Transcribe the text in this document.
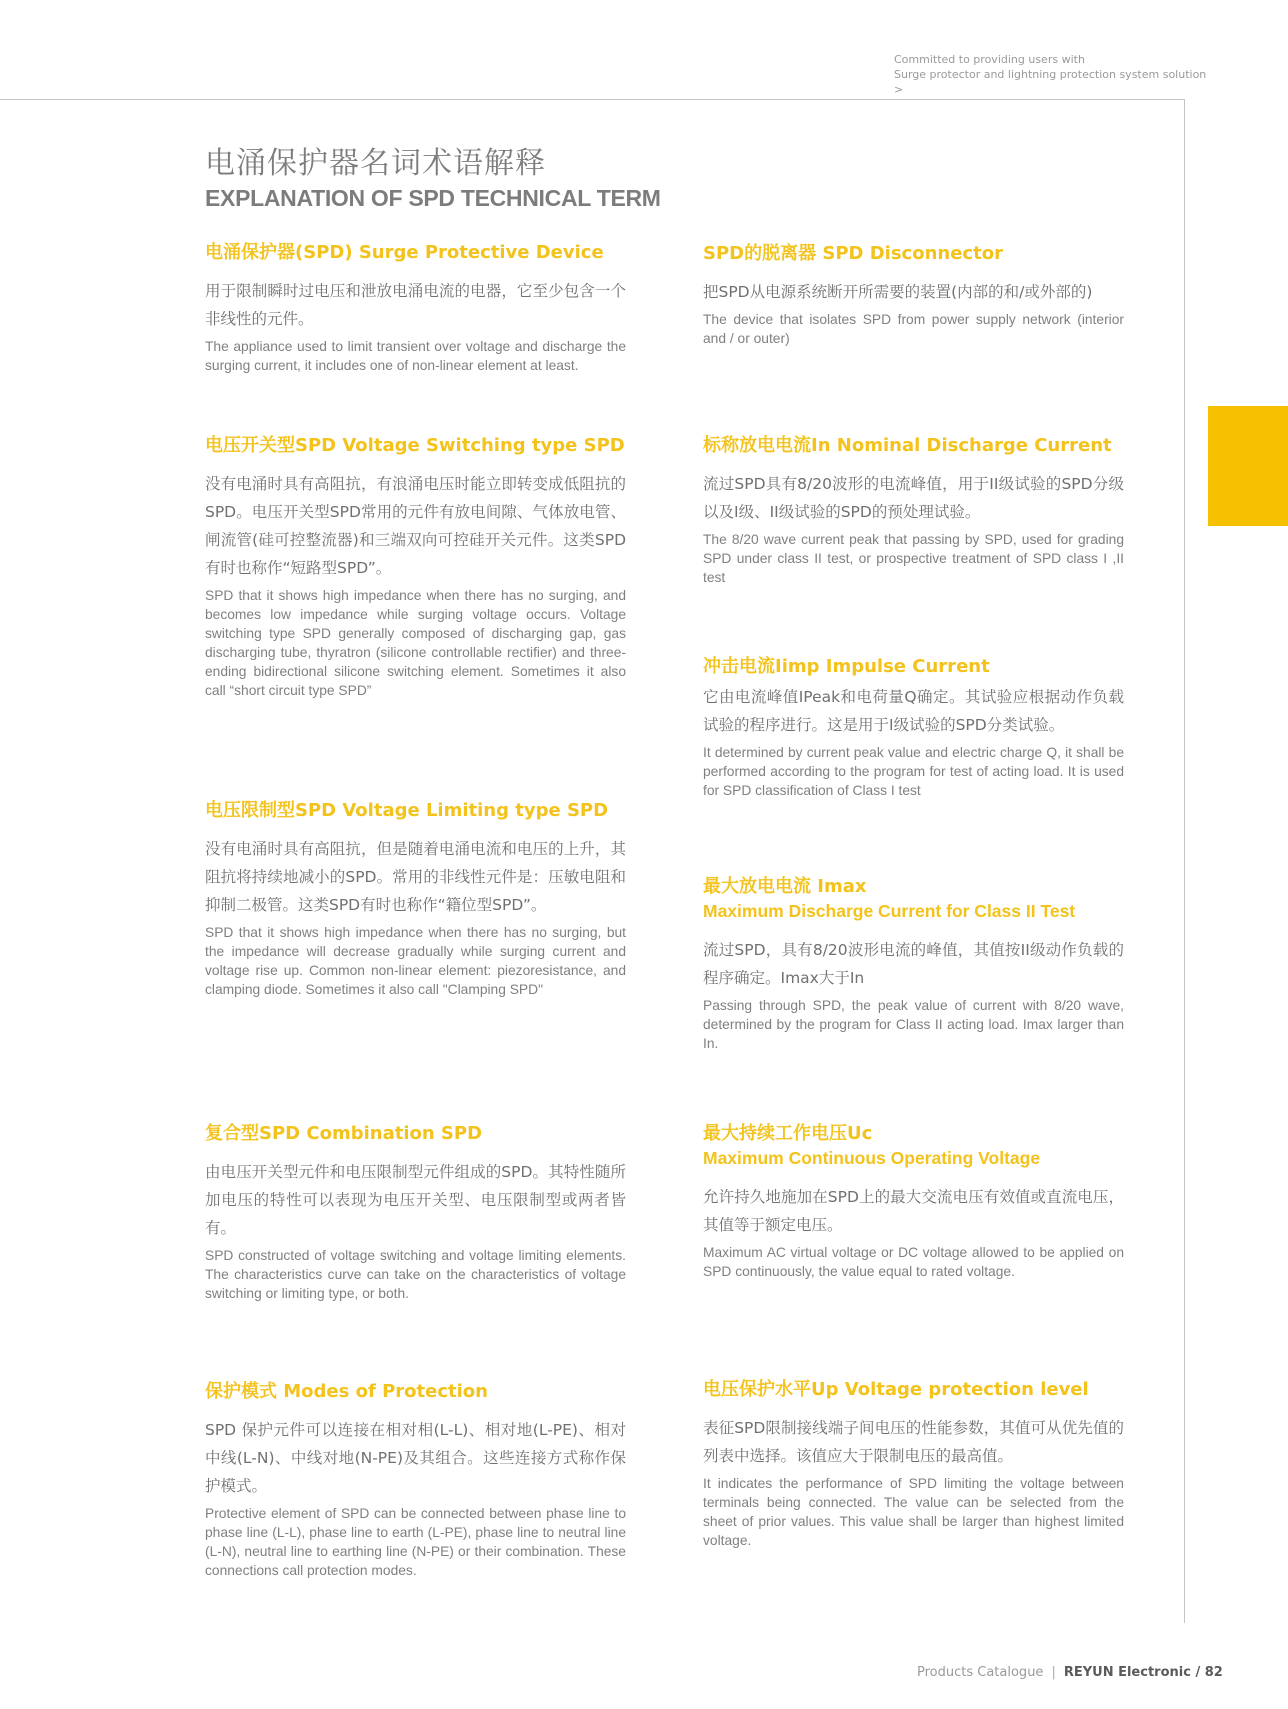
Committed to providing users with
Surge protector and lightning protection system solution
>
电涌保护器名词术语解释
EXPLANATION OF SPD TECHNICAL TERM
电涌保护器(SPD) Surge Protective Device

用于限制瞬时过电压和泄放电涌电流的电器，它至少包含一个非线性的元件。

The appliance used to limit transient over voltage and discharge the surging current, it includes one of non-linear element at least.

电压开关型SPD Voltage Switching type SPD

没有电涌时具有高阻抗，有浪涌电压时能立即转变成低阻抗的SPD。电压开关型SPD常用的元件有放电间隙、气体放电管、闸流管(硅可控整流器)和三端双向可控硅开关元件。这类SPD有时也称作“短路型SPD”。

SPD that it shows high impedance when there has no surging, and becomes low impedance while surging voltage occurs. Voltage switching type SPD generally composed of discharging gap, gas discharging tube, thyratron (silicone controllable rectifier) and three-ending bidirectional silicone switching element. Sometimes it also call “short circuit type SPD”

电压限制型SPD Voltage Limiting type SPD

没有电涌时具有高阻抗，但是随着电涌电流和电压的上升，其阻抗将持续地减小的SPD。常用的非线性元件是：压敏电阻和抑制二极管。这类SPD有时也称作“籍位型SPD”。

SPD that it shows high impedance when there has no surging, but the impedance will decrease gradually while surging current and voltage rise up. Common non-linear element: piezoresistance, and clamping diode. Sometimes it also call "Clamping SPD"

复合型SPD Combination SPD

由电压开关型元件和电压限制型元件组成的SPD。其特性随所加电压的特性可以表现为电压开关型、电压限制型或两者皆有。

SPD constructed of voltage switching and voltage limiting elements. The characteristics curve can take on the characteristics of voltage switching or limiting type, or both.

保护模式 Modes of Protection

SPD 保护元件可以连接在相对相(L-L)、相对地(L-PE)、相对中线(L-N)、中线对地(N-PE)及其组合。这些连接方式称作保护模式。

Protective element of SPD can be connected between phase line to phase line (L-L), phase line to earth (L-PE), phase line to neutral line (L-N), neutral line to earthing line (N-PE) or their combination. These connections call protection modes.

SPD的脱离器 SPD Disconnector

把SPD从电源系统断开所需要的装置(内部的和/或外部的)

The device that isolates SPD from power supply network (interior and / or outer)

标称放电电流In Nominal Discharge Current

流过SPD具有8/20波形的电流峰值，用于II级试验的SPD分级以及I级、II级试验的SPD的预处理试验。

The 8/20 wave current peak that passing by SPD, used for grading SPD under class II test, or prospective treatment of SPD class I ,II test

冲击电流Iimp Impulse Current

它由电流峰值IPeak和电荷量Q确定。其试验应根据动作负载试验的程序进行。这是用于I级试验的SPD分类试验。

It determined by current peak value and electric charge Q, it shall be performed according to the program for test of acting load. It is used for SPD classification of Class I test

最大放电电流 Imax
Maximum Discharge Current for Class II Test

流过SPD，具有8/20波形电流的峰值，其值按II级动作负载的程序确定。Imax大于In

Passing through SPD, the peak value of current with 8/20 wave, determined by the program for Class II acting load. Imax larger than In.

最大持续工作电压Uc
Maximum Continuous Operating Voltage

允许持久地施加在SPD上的最大交流电压有效值或直流电压，其值等于额定电压。

Maximum AC virtual voltage or DC voltage allowed to be applied on SPD continuously, the value equal to rated voltage.

电压保护水平Up Voltage protection level

表征SPD限制接线端子间电压的性能参数，其值可从优先值的列表中选择。该值应大于限制电压的最高值。

It indicates the performance of SPD limiting the voltage between terminals being connected. The value can be selected from the sheet of prior values. This value shall be larger than highest limited voltage.

Products Catalogue | REYUN Electronic / 82
